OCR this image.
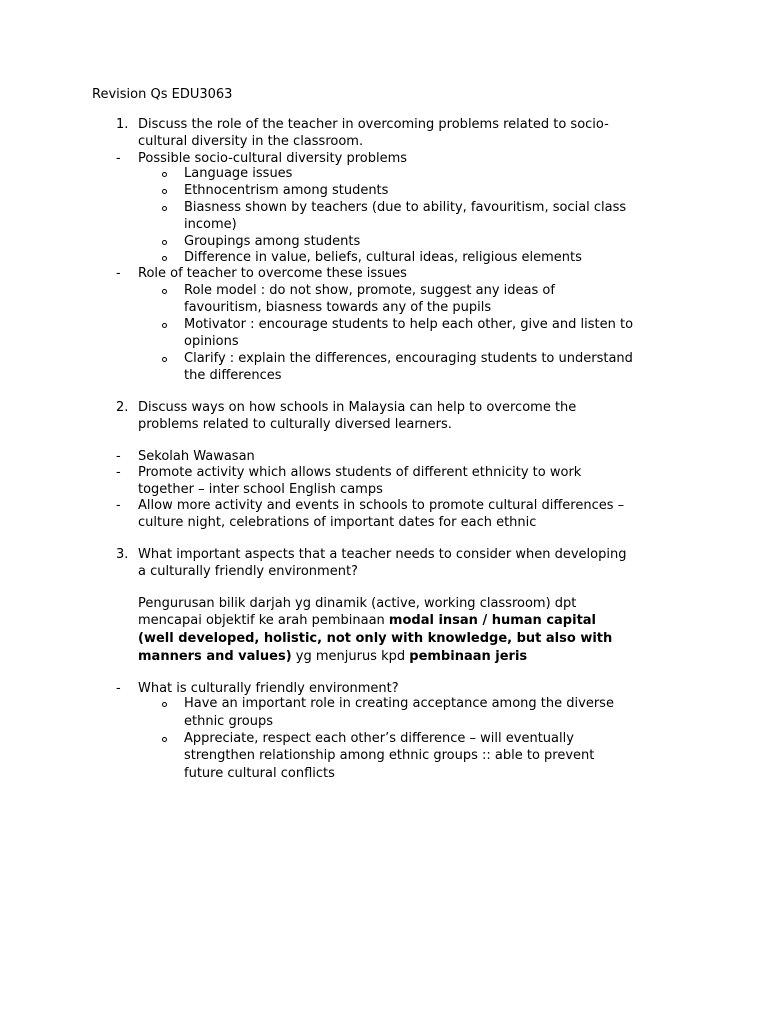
Revision Qs EDU3063
1. Discuss the role of the teacher in overcoming problems related to socio-
cultural diversity in the classroom.
- Possible socio-cultural diversity problems
Language issues
Ethnocentrism among students
Biasness shown by teachers (due to ability, favouritism, social class
income)
Groupings among students
Difference in value, beliefs, cultural ideas, religious elements
- Role of teacher to overcome these issues
Role model : do not show, promote, suggest any ideas of
favouritism, biasness towards any of the pupils
Motivator : encourage students to help each other, give and listen to
opinions
Clarify : explain the differences, encouraging students to understand
the differences
2. Discuss ways on how schools in Malaysia can help to overcome the
problems related to culturally diversed learners.
- Sekolah Wawasan
- Promote activity which allows students of different ethnicity to work
together – inter school English camps
- Allow more activity and events in schools to promote cultural differences –
culture night, celebrations of important dates for each ethnic
3. What important aspects that a teacher needs to consider when developing
a culturally friendly environment?
Pengurusan bilik darjah yg dinamik (active, working classroom) dpt
mencapai objektif ke arah pembinaan modal insan / human capital
(well developed, holistic, not only with knowledge, but also with
manners and values) yg menjurus kpd pembinaan jeris
- What is culturally friendly environment?
Have an important role in creating acceptance among the diverse
ethnic groups
Appreciate, respect each other’s difference – will eventually
strengthen relationship among ethnic groups :: able to prevent
future cultural conflicts
